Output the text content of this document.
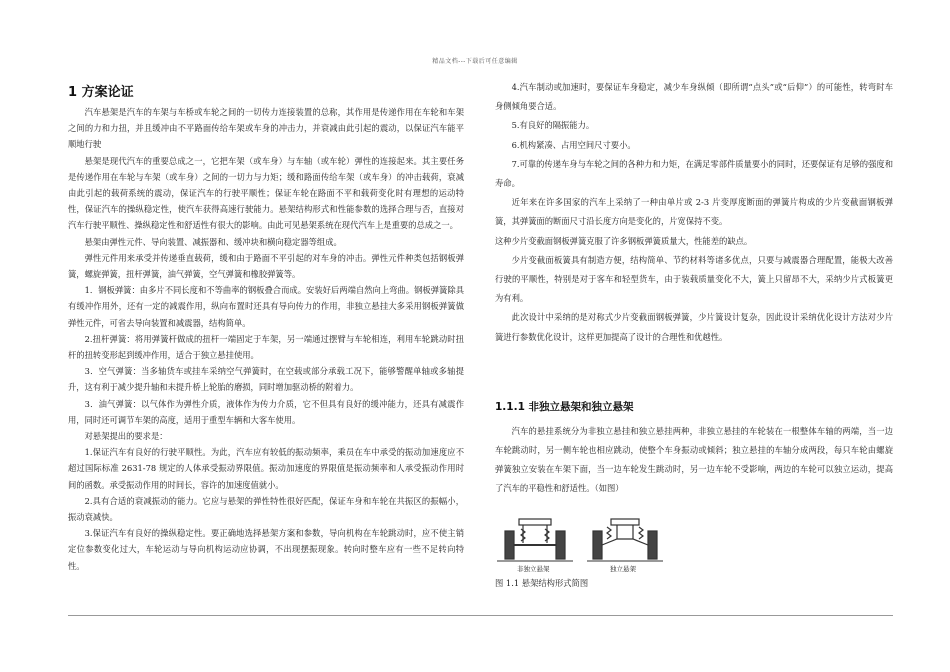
精品文档---下载后可任意编辑
1 方案论证

汽车悬架是汽车的车架与车桥或车轮之间的一切传力连接装置的总称，其作用是传递作用在车轮和车架之间的力和力扭，并且缓冲由不平路面传给车架或车身的冲击力，并衰减由此引起的震动，以保证汽车能平顺地行驶

悬架是现代汽车的重要总成之一，它把车架（或车身）与车轴（或车轮）弹性的连接起来。其主要任务是传递作用在车轮与车架（或车身）之间的一切力与力矩；缓和路面传给车架（或车身）的冲击载荷，衰减由此引起的载荷系统的震动，保证汽车的行驶平顺性；保证车轮在路面不平和载荷变化时有理想的运动特性，保证汽车的操纵稳定性，使汽车获得高速行驶能力。悬架结构形式和性能参数的选择合理与否，直接对汽车行驶平顺性、操纵稳定性和舒适性有很大的影响。由此可见悬架系统在现代汽车上是重要的总成之一。

悬架由弹性元件、导向装置、减振器和、缓冲块和横向稳定器等组成。

弹性元件用来承受并传递垂直载荷，缓和由于路面不平引起的对车身的冲击。弹性元件种类包括钢板弹簧，螺旋弹簧，扭杆弹簧，油气弹簧，空气弹簧和橡胶弹簧等。

1．钢板弹簧：由多片不同长度和不等曲率的钢板叠合而成。安装好后两端自然向上弯曲。钢板弹簧除具有缓冲作用外，还有一定的减震作用，纵向布置时还具有导向传力的作用，非独立悬挂大多采用钢板弹簧做弹性元件，可省去导向装置和减震器，结构简单。

2.扭杆弹簧：将用弹簧杆做成的扭杆一端固定于车架，另一端通过摆臂与车轮相连，利用车轮跳动时扭杆的扭转变形起到缓冲作用，适合于独立悬挂使用。

3．空气弹簧：当多轴货车或挂车采纳空气弹簧时，在空载或部分承载工况下，能够警醒单轴或多轴提升，这有利于减少提升轴和未提升桥上轮胎的磨损，同时增加驱动桥的附着力。

3．油气弹簧：以气体作为弹性介质，液体作为传力介质，它不但具有良好的缓冲能力，还具有减震作用，同时还可调节车架的高度，适用于重型车辆和大客车使用。

对悬架提出的要求是：

1.保证汽车有良好的行驶平顺性。为此，汽车应有较低的振动频率，乘员在车中承受的振动加速度应不超过国际标准 2631-78 规定的人体承受振动界限值。振动加速度的界限值是振动频率和人承受振动作用时间的函数。承受振动作用的时间长，容许的加速度值就小。

2.具有合适的衰减振动的能力。它应与悬架的弹性特性很好匹配，保证车身和车轮在共振区的振幅小，振动衰减快。

3.保证汽车有良好的操纵稳定性。要正确地选择悬架方案和参数，导向机构在车轮跳动时，应不使主销定位参数变化过大，车轮运动与导向机构运动应协调，不出现摆振现象。转向时整车应有一些不足转向特性。

4.汽车制动或加速时，要保证车身稳定，减少车身纵倾（即所谓“点头”或“后仰”）的可能性，转弯时车身侧倾角要合适。

5.有良好的隔振能力。

6.机构紧凑、占用空间尺寸要小。

7.可靠的传递车身与车轮之间的各种力和力矩，在满足零部件质量要小的同时，还要保证有足够的强度和寿命。

近年来在许多国家的汽车上采纳了一种由单片或 2-3 片变厚度断面的弹簧片构成的少片变截面钢板弹簧，其弹簧面的断面尺寸沿长度方向是变化的，片宽保持不变。

这种少片变截面钢板弹簧克服了许多钢板弹簧质量大，性能差的缺点。

少片变截面板簧具有制造方便，结构简单、节约材料等诸多优点，只要与减震器合理配置，能极大改善行驶的平顺性，特别是对于客车和轻型货车，由于装载质量变化不大，簧上只留昂不大，采纳少片式板簧更为有利。

此次设计中采纳的是对称式少片变截面钢板弹簧，少片簧设计复杂，因此设计采纳优化设计方法对少片簧进行参数优化设计，这样更加提高了设计的合理性和优越性。

1.1.1 非独立悬架和独立悬架

汽车的悬挂系统分为非独立悬挂和独立悬挂两种，非独立悬挂的车轮装在一根整体车轴的两端，当一边车轮跳动时，另一侧车轮也相应跳动，使整个车身振动或倾斜；独立悬挂的车轴分成两段，每只车轮由螺旋弹簧独立安装在车架下面，当一边车轮发生跳动时，另一边车轮不受影响，两边的车轮可以独立运动，提高了汽车的平稳性和舒适性。（如图）

非独立悬架	独立悬架
图 1.1 悬架结构形式简图
